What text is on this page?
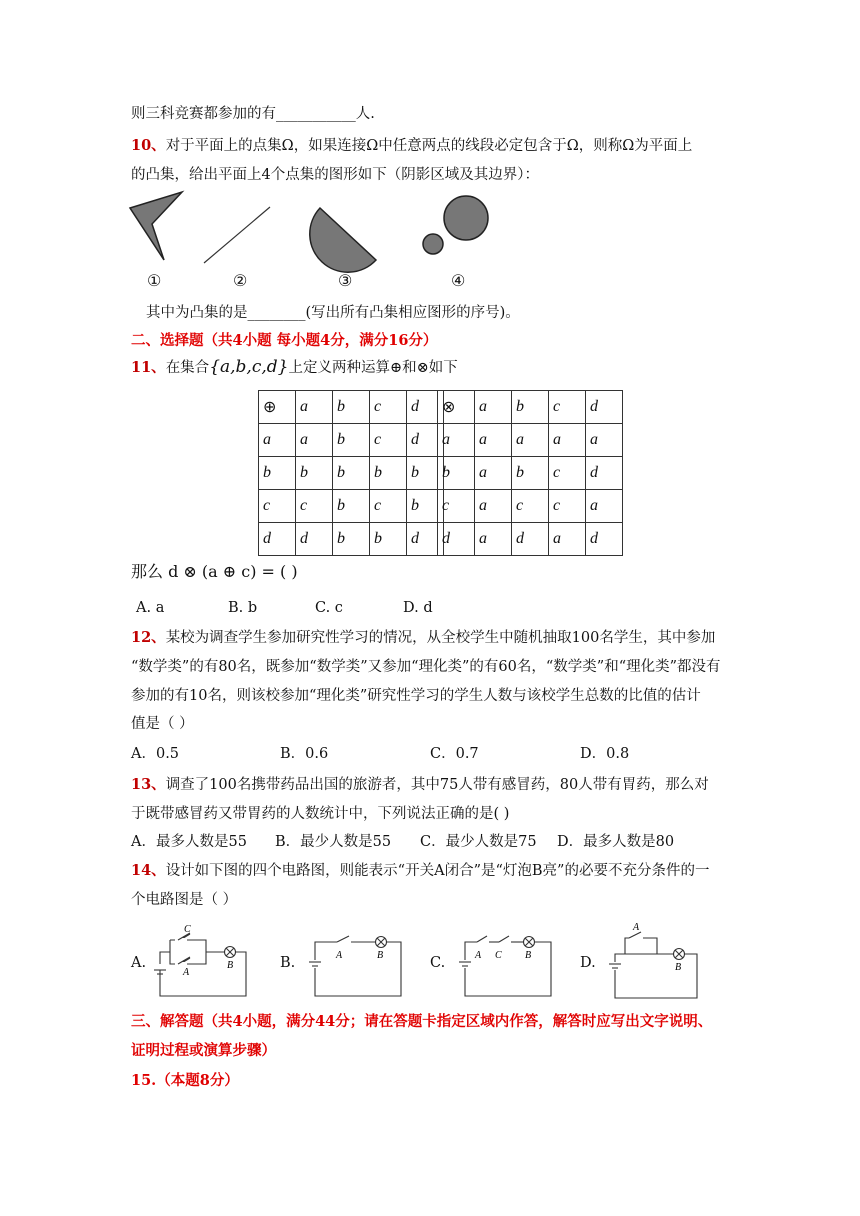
则三科竞赛都参加的有___________人.
10、对于平面上的点集Ω，如果连接Ω中任意两点的线段必定包含于Ω，则称Ω为平面上
的凸集，给出平面上4个点集的图形如下（阴影区域及其边界）：
①	②	③	④
其中为凸集的是________(写出所有凸集相应图形的序号)。
二、选择题（共4小题 每小题4分，满分16分）
11、在集合{a,b,c,d}上定义两种运算⊕和⊗如下
⊕	a	b	c	d
a	a	b	c	d
b	b	b	b	b
c	c	b	c	b
d	d	b	b	d
⊗	a	b	c	d
a	a	a	a	a
b	a	b	c	d
c	a	c	c	a
d	a	d	a	d
那么 d ⊗ (a ⊕ c) = ( )
A. a	B. b	C. c	D. d
12、某校为调查学生参加研究性学习的情况，从全校学生中随机抽取100名学生，其中参加
“数学类”的有80名，既参加“数学类”又参加“理化类”的有60名，“数学类”和“理化类”都没有
参加的有10名，则该校参加“理化类”研究性学习的学生人数与该校学生总数的比值的估计
值是（ ）
A．0.5	B．0.6	C．0.7	D．0.8
13、调查了100名携带药品出国的旅游者，其中75人带有感冒药，80人带有胃药，那么对
于既带感冒药又带胃药的人数统计中，下列说法正确的是( )
A．最多人数是55 B．最少人数是55 C．最少人数是75 D．最多人数是80
14、设计如下图的四个电路图，则能表示“开关A闭合”是“灯泡B亮”的必要不充分条件的一
个电路图是（ ）
A.	B.	C.	D.
C
A
B
A	B	A C B
A
B
三、解答题（共4小题，满分44分；请在答题卡指定区域内作答，解答时应写出文字说明、
证明过程或演算步骤）
15.（本题8分）
